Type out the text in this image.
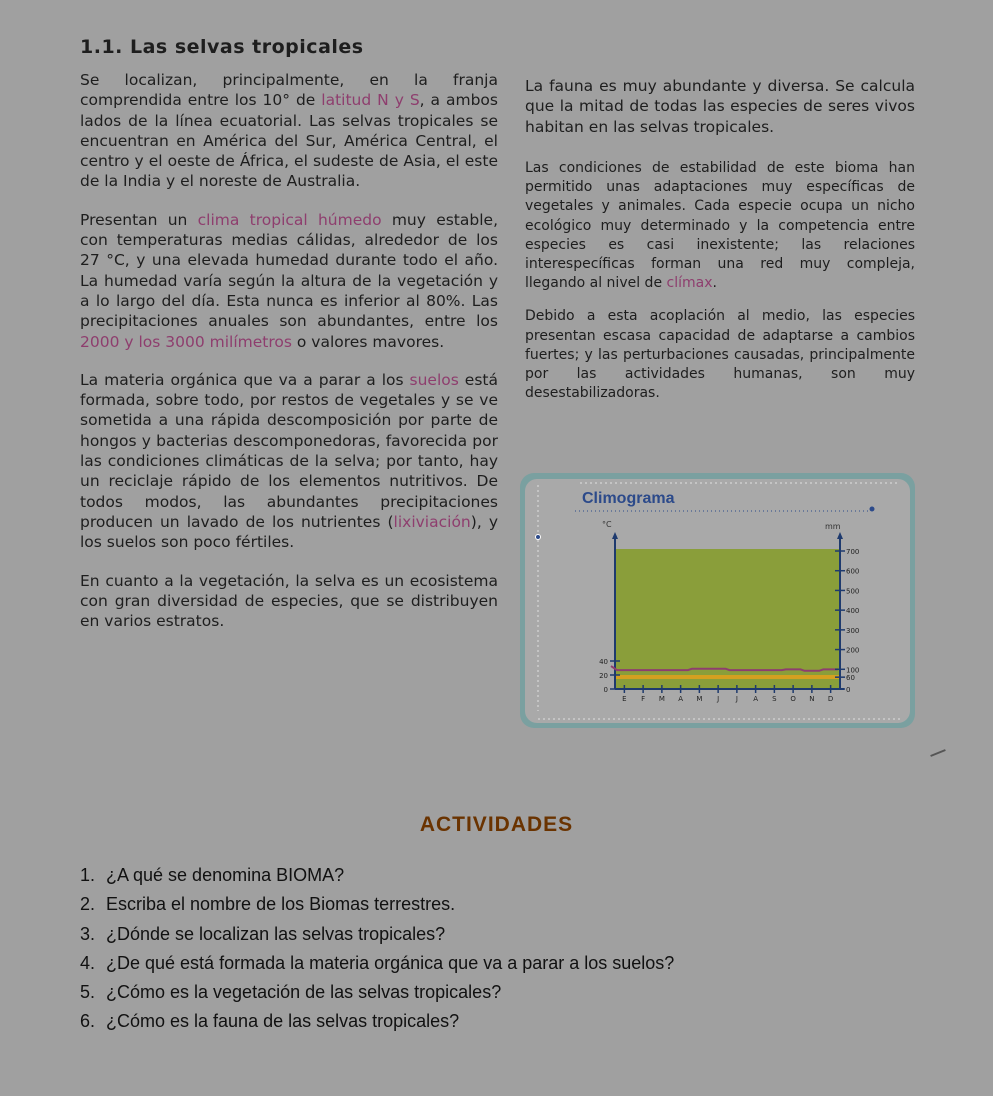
1.1. Las selvas tropicales

Se localizan, principalmente, en la franja comprendida entre los 10° de latitud N y S, a ambos lados de la línea ecuatorial. Las selvas tropicales se encuentran en América del Sur, América Central, el centro y el oeste de África, el sudeste de Asia, el este de la India y el noreste de Australia.

Presentan un clima tropical húmedo muy estable, con temperaturas medias cálidas, alrededor de los 27 °C, y una elevada humedad durante todo el año. La humedad varía según la altura de la vegetación y a lo largo del día. Esta nunca es inferior al 80%. Las precipitaciones anuales son abundantes, entre los 2000 y los 3000 milímetros o valores mavores.

La materia orgánica que va a parar a los suelos está formada, sobre todo, por restos de vegetales y se ve sometida a una rápida descomposición por parte de hongos y bacterias descomponedoras, favorecida por las condiciones climáticas de la selva; por tanto, hay un reciclaje rápido de los elementos nutritivos. De todos modos, las abundantes precipitaciones producen un lavado de los nutrientes (lixiviación), y los suelos son poco fértiles.

En cuanto a la vegetación, la selva es un ecosistema con gran diversidad de especies, que se distribuyen en varios estratos.

La fauna es muy abundante y diversa. Se calcula que la mitad de todas las especies de seres vivos habitan en las selvas tropicales.

Las condiciones de estabilidad de este bioma han permitido unas adaptaciones muy específicas de vegetales y animales. Cada especie ocupa un nicho ecológico muy determinado y la competencia entre especies es casi inexistente; las relaciones interespecíficas forman una red muy compleja, llegando al nivel de clímax.

Debido a esta acoplación al medio, las especies presentan escasa capacidad de adaptarse a cambios fuertes; y las perturbaciones causadas, principalmente por las actividades humanas, son muy desestabilizadoras.

Climograma
°C	mm
E F M A M J J A S O N D
0
20
40
0
60
100
200
300
400
500
600
700
ACTIVIDADES
1. ¿A qué se denomina BIOMA?
2. Escriba el nombre de los Biomas terrestres.
3. ¿Dónde se localizan las selvas tropicales?
4. ¿De qué está formada la materia orgánica que va a parar a los suelos?
5. ¿Cómo es la vegetación de las selvas tropicales?
6. ¿Cómo es la fauna de las selvas tropicales?
